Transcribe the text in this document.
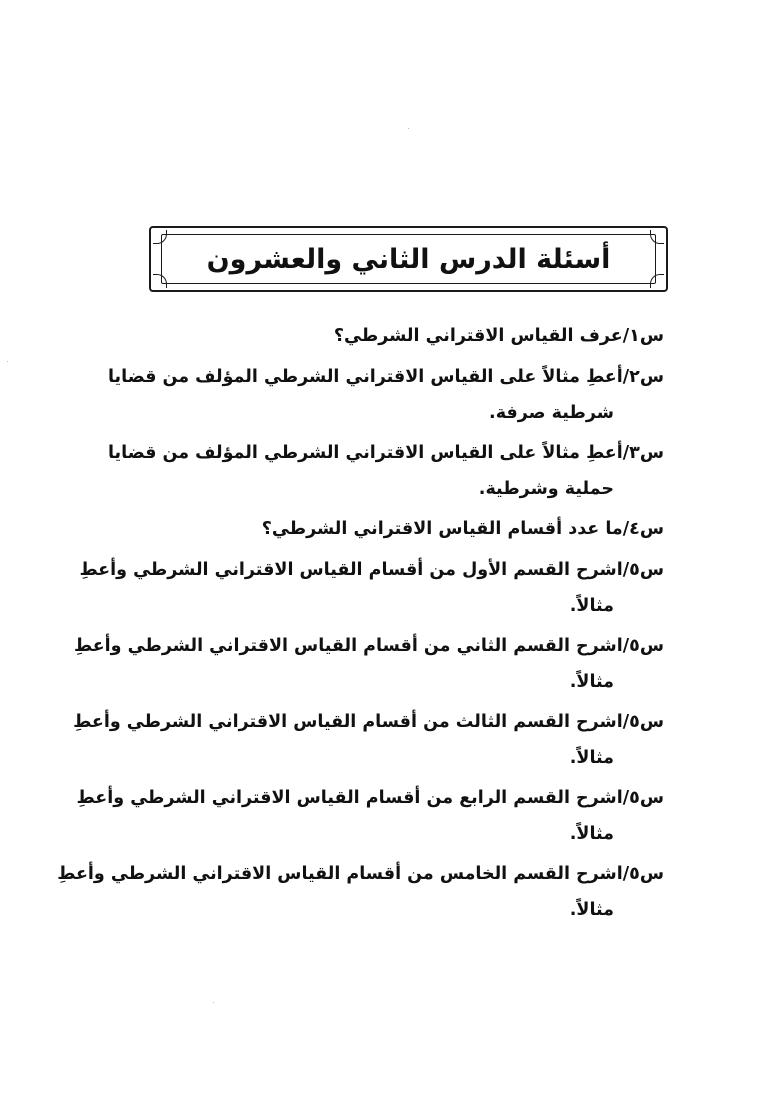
أسئلة الدرس الثاني والعشرون
س١/عرف القياس الاقتراني الشرطي؟
س٢/أعطِ مثالاً على القياس الاقتراني الشرطي المؤلف من قضايا
شرطية صرفة.
س٣/أعطِ مثالاً على القياس الاقتراني الشرطي المؤلف من قضايا
حملية وشرطية.
س٤/ما عدد أقسام القياس الاقتراني الشرطي؟
س٥/اشرح القسم الأول من أقسام القياس الاقتراني الشرطي وأعطِ
مثالاً.
س٥/اشرح القسم الثاني من أقسام القياس الاقتراني الشرطي وأعطِ
مثالاً.
س٥/اشرح القسم الثالث من أقسام القياس الاقتراني الشرطي وأعطِ
مثالاً.
س٥/اشرح القسم الرابع من أقسام القياس الاقتراني الشرطي وأعطِ
مثالاً.
س٥/اشرح القسم الخامس من أقسام القياس الاقتراني الشرطي وأعطِ
مثالاً.
